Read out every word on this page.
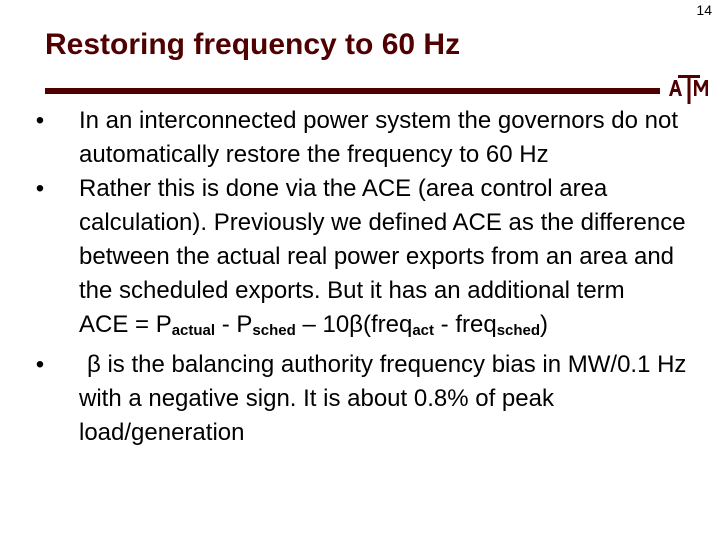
14
Restoring frequency to 60 Hz
• In an interconnected power system the governors do not automatically restore the frequency to 60 Hz
• Rather this is done via the ACE (area control area calculation). Previously we defined ACE as the difference between the actual real power exports from an area and the scheduled exports. But it has an additional term
ACE = $P_{actual} - P_{sched}$ – 10β(freq$_{act}$ - freq$_{sched}$)
• β is the balancing authority frequency bias in MW/0.1 Hz with a negative sign. It is about 0.8% of peak load/generation
